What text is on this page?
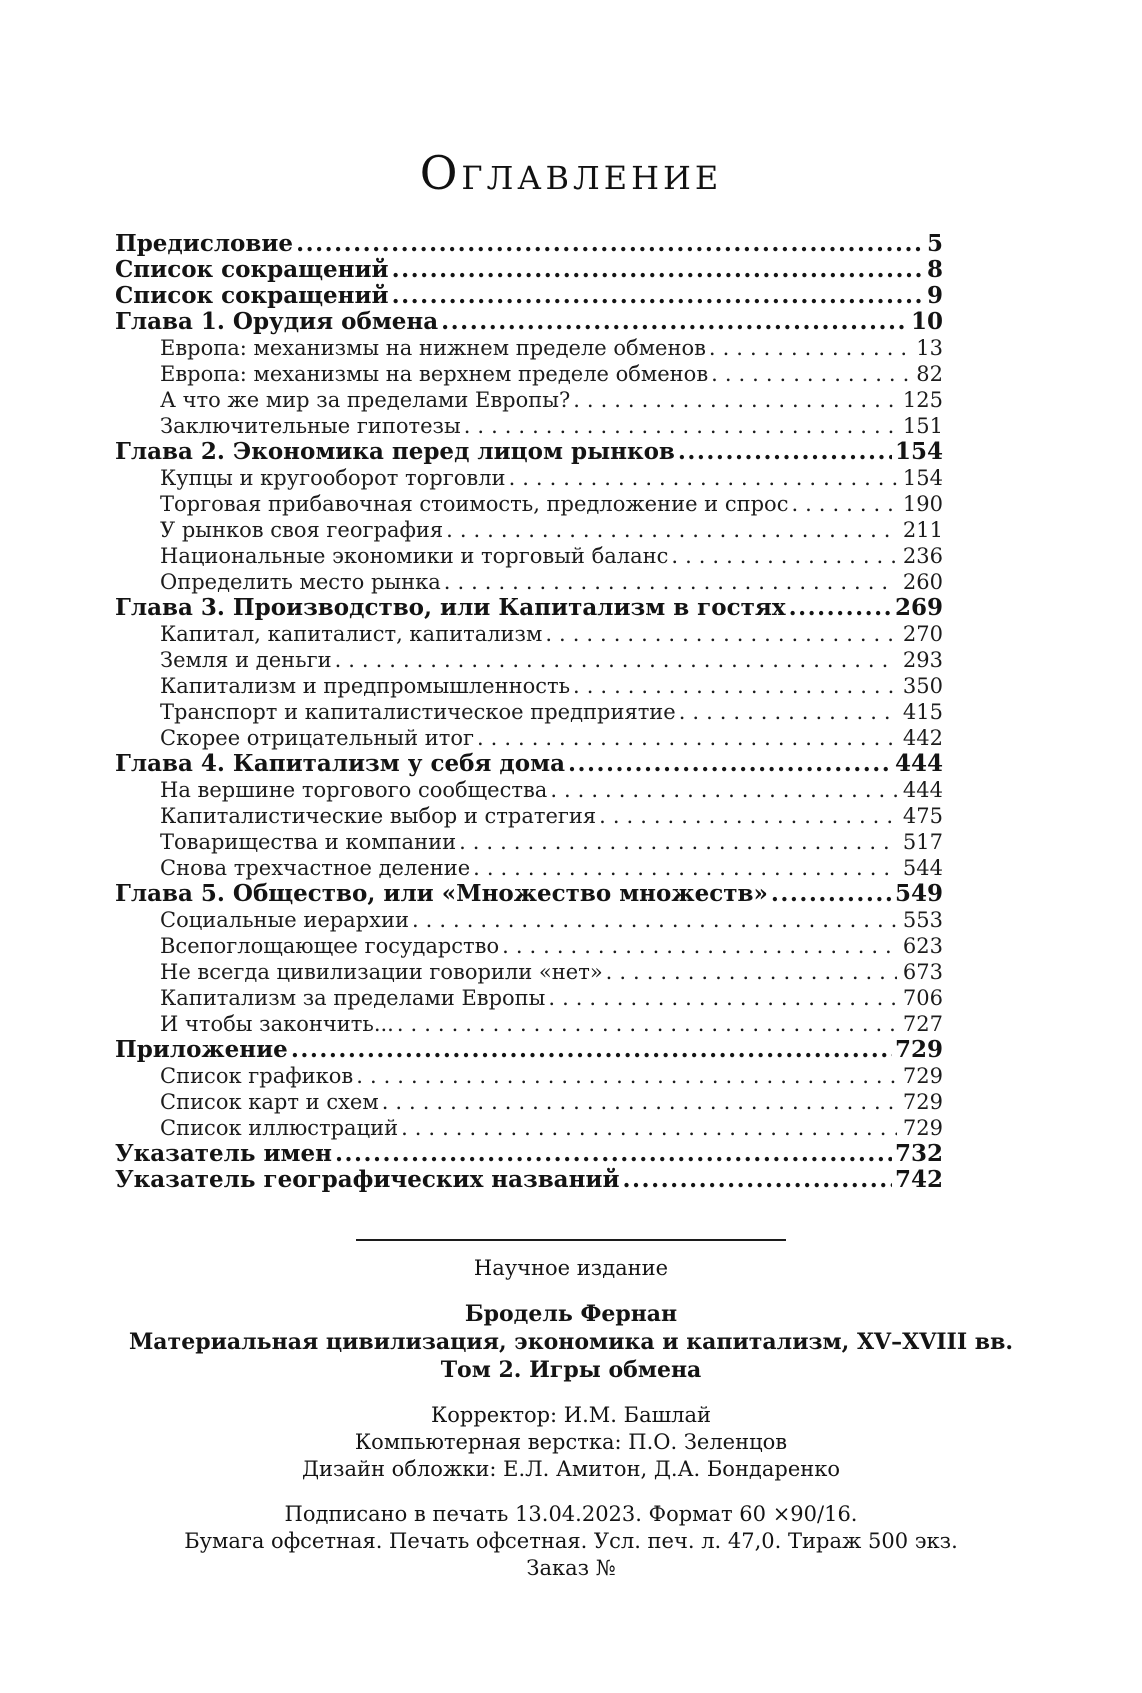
Оглавление
Предисловие .....	5
Список сокращений .....	8
Список сокращений .....	9
Глава 1. Орудия обмена .....	10
Европа: механизмы на нижнем пределе обменов .....	13
Европа: механизмы на верхнем пределе обменов .....	82
А что же мир за пределами Европы? .....	125
Заключительные гипотезы .....	151
Глава 2. Экономика перед лицом рынков .....	154
Купцы и кругооборот торговли .....	154
Торговая прибавочная стоимость, предложение и спрос .....	190
У рынков своя география .....	211
Национальные экономики и торговый баланс .....	236
Определить место рынка .....	260
Глава 3. Производство, или Капитализм в гостях .....	269
Капитал, капиталист, капитализм .....	270
Земля и деньги .....	293
Капитализм и предпромышленность .....	350
Транспорт и капиталистическое предприятие .....	415
Скорее отрицательный итог .....	442
Глава 4. Капитализм у себя дома .....	444
На вершине торгового сообщества .....	444
Капиталистические выбор и стратегия .....	475
Товарищества и компании .....	517
Снова трехчастное деление .....	544
Глава 5. Общество, или «Множество множеств» .....	549
Социальные иерархии .....	553
Всепоглощающее государство .....	623
Не всегда цивилизации говорили «нет» .....	673
Капитализм за пределами Европы .....	706
И чтобы закончить... .....	727
Приложение .....	729
Список графиков .....	729
Список карт и схем .....	729
Список иллюстраций .....	729
Указатель имен .....	732
Указатель географических названий .....	742

Научное издание

Бродель Фернан

Материальная цивилизация, экономика и капитализм, XV–XVIII вв.

Том 2. Игры обмена

Корректор: И.М. Башлай

Компьютерная верстка: П.О. Зеленцов

Дизайн обложки: Е.Л. Амитон, Д.А. Бондаренко

Подписано в печать 13.04.2023. Формат 60 ×90/16.

Бумага офсетная. Печать офсетная. Усл. печ. л. 47,0. Тираж 500 экз.

Заказ №
